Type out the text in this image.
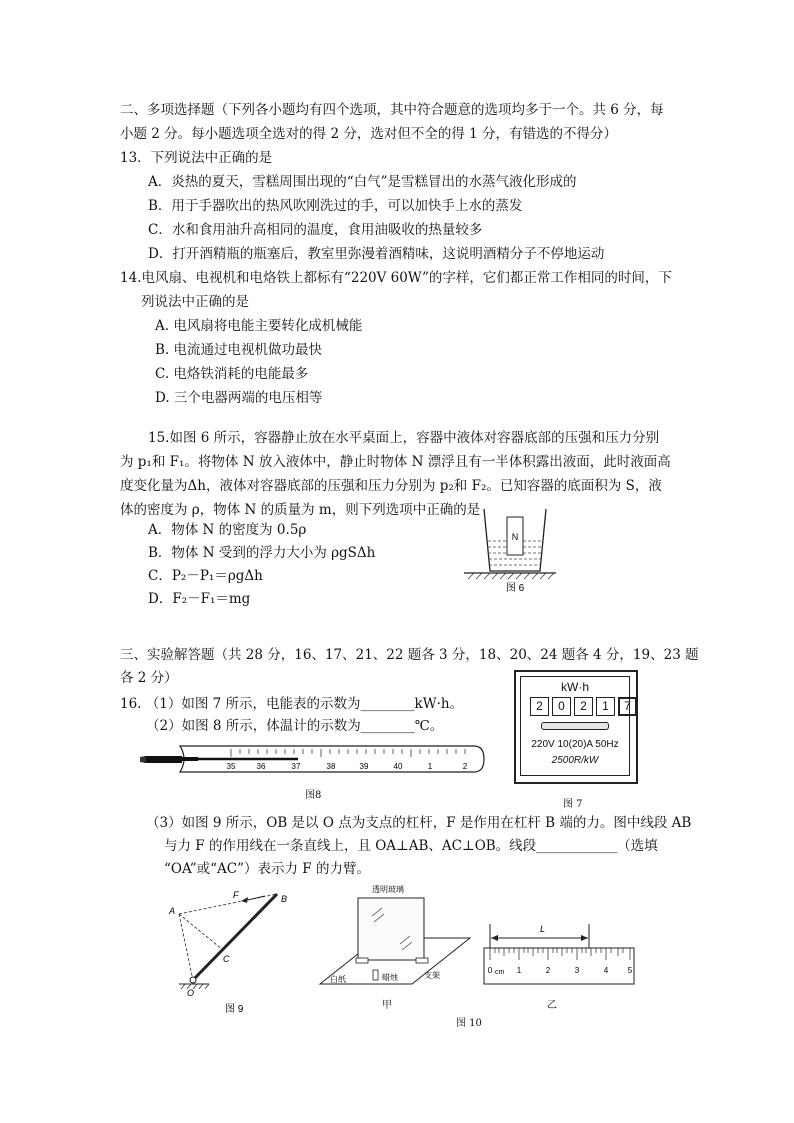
二、多项选择题（下列各小题均有四个选项，其中符合题意的选项均多于一个。共 6 分，每
小题 2 分。每小题选项全选对的得 2 分，选对但不全的得 1 分，有错选的不得分）
13．下列说法中正确的是
A．炎热的夏天，雪糕周围出现的“白气”是雪糕冒出的水蒸气液化形成的
B．用于手器吹出的热风吹刚洗过的手，可以加快手上水的蒸发
C．水和食用油升高相同的温度，食用油吸收的热量较多
D．打开酒精瓶的瓶塞后，教室里弥漫着酒精味，这说明酒精分子不停地运动
14.电风扇、电视机和电烙铁上都标有“220V 60W”的字样，它们都正常工作相同的时间，下
列说法中正确的是
A. 电风扇将电能主要转化成机械能
B. 电流通过电视机做功最快
C. 电烙铁消耗的电能最多
D. 三个电器两端的电压相等
15.如图 6 所示，容器静止放在水平桌面上，容器中液体对容器底部的压强和压力分别
为 p₁和 F₁。将物体 N 放入液体中，静止时物体 N 漂浮且有一半体积露出液面，此时液面高
度变化量为Δh，液体对容器底部的压强和压力分别为 p₂和 F₂。已知容器的底面积为 S，液
体的密度为 ρ，物体 N 的质量为 m，则下列选项中正确的是
A．物体 N 的密度为 0.5ρ
B．物体 N 受到的浮力大小为 ρgSΔh
C．P₂－P₁＝ρgΔh
D．F₂－F₁＝mg
N
图 6
三、实验解答题（共 28 分，16、17、21、22 题各 3 分，18、20、24 题各 4 分，19、23 题
各 2 分）
16. （1）如图 7 所示，电能表的示数为________kW·h。
（2）如图 8 所示，体温计的示数为________℃。
kW·h
2	0	2	1	7
220V 10(20)A 50Hz
2500R/kW
图 7
35	36	37	38	39	40	1	2
图8
（3）如图 9 所示，OB 是以 O 点为支点的杠杆，F 是作用在杠杆 B 端的力。图中线段 AB
与力 F 的作用线在一条直线上，且 OA⊥AB、AC⊥OB。线段____________（选填
“OA”或“AC”）表示力 F 的力臂。
A
B
C
F
O
图 9
透明玻璃
白纸	蜡烛	支架
甲
L
0	1	2	3	4 5
cm
乙
图 10
